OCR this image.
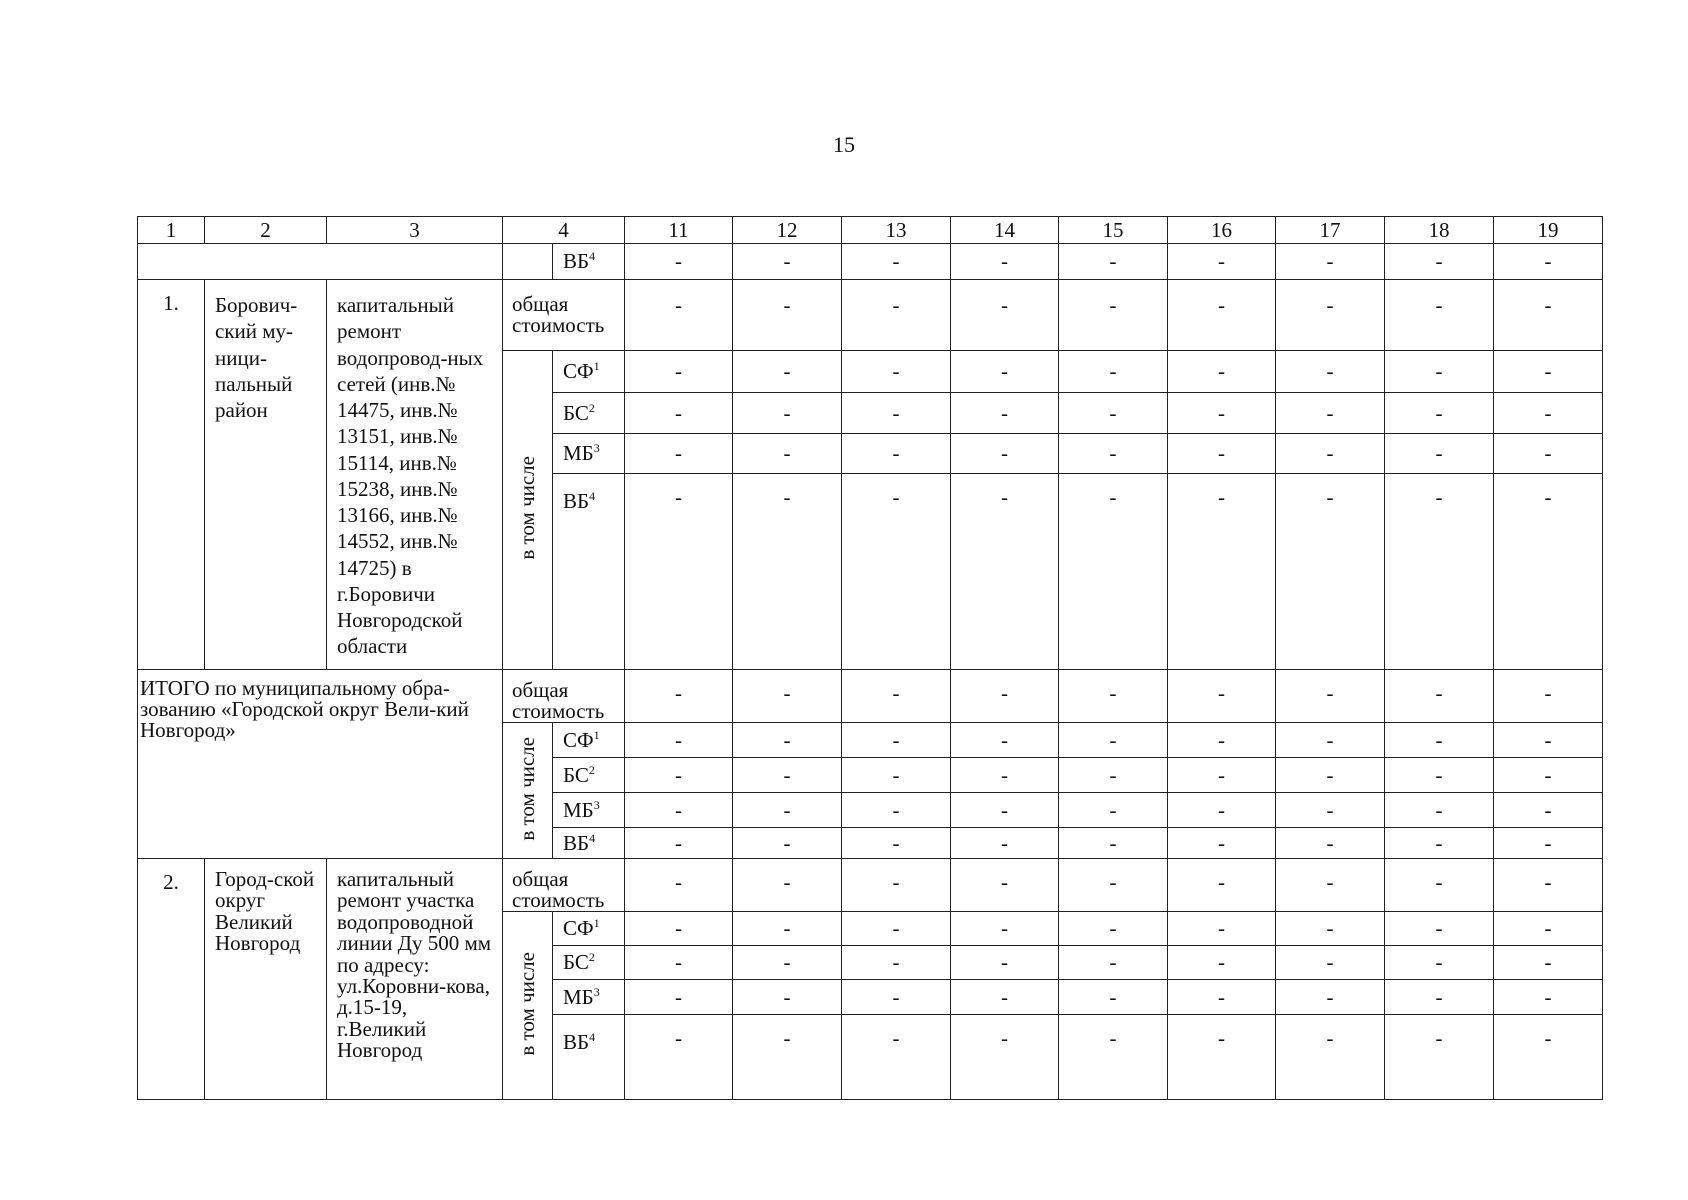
15
1	2	3	4		11	12	13	14	15	16	17	18	19
				$ВБ^4$	-	-	-	-	-	-	-	-	-
1.	Борович-ский му-ници-пальный район	капитальный ремонт водопровод-ных сетей (инв.№ 14475, инв.№ 13151, инв.№ 15114, инв.№ 15238, инв.№ 13166, инв.№ 14552, инв.№ 14725) в г.Боровичи Новгородской области	общая стоимость		-	-	-	-	-	-	-	-	-
			в том числе	$СФ^1$	-	-	-	-	-	-	-	-	-
				$БС^2$	-	-	-	-	-	-	-	-	-
				$МБ^3$	-	-	-	-	-	-	-	-	-
				$ВБ^4$	-	-	-	-	-	-	-	-	-
ИТОГО по муниципальному обра-зованию «Городской округ Вели-кий Новгород»			общая стоимость		-	-	-	-	-	-	-	-	-
			в том числе	$СФ^1$	-	-	-	-	-	-	-	-	-
				$БС^2$	-	-	-	-	-	-	-	-	-
				$МБ^3$	-	-	-	-	-	-	-	-	-
				$ВБ^4$	-	-	-	-	-	-	-	-	-
2.	Город-ской округ Великий Новгород	капитальный ремонт участка водопроводной линии Ду 500 мм по адресу: ул.Коровни-кова, д.15-19, г.Великий Новгород	общая стоимость		-	-	-	-	-	-	-	-	-
			в том числе	$СФ^1$	-	-	-	-	-	-	-	-	-
				$БС^2$	-	-	-	-	-	-	-	-	-
				$МБ^3$	-	-	-	-	-	-	-	-	-
				$ВБ^4$	-	-	-	-	-	-	-	-	-
